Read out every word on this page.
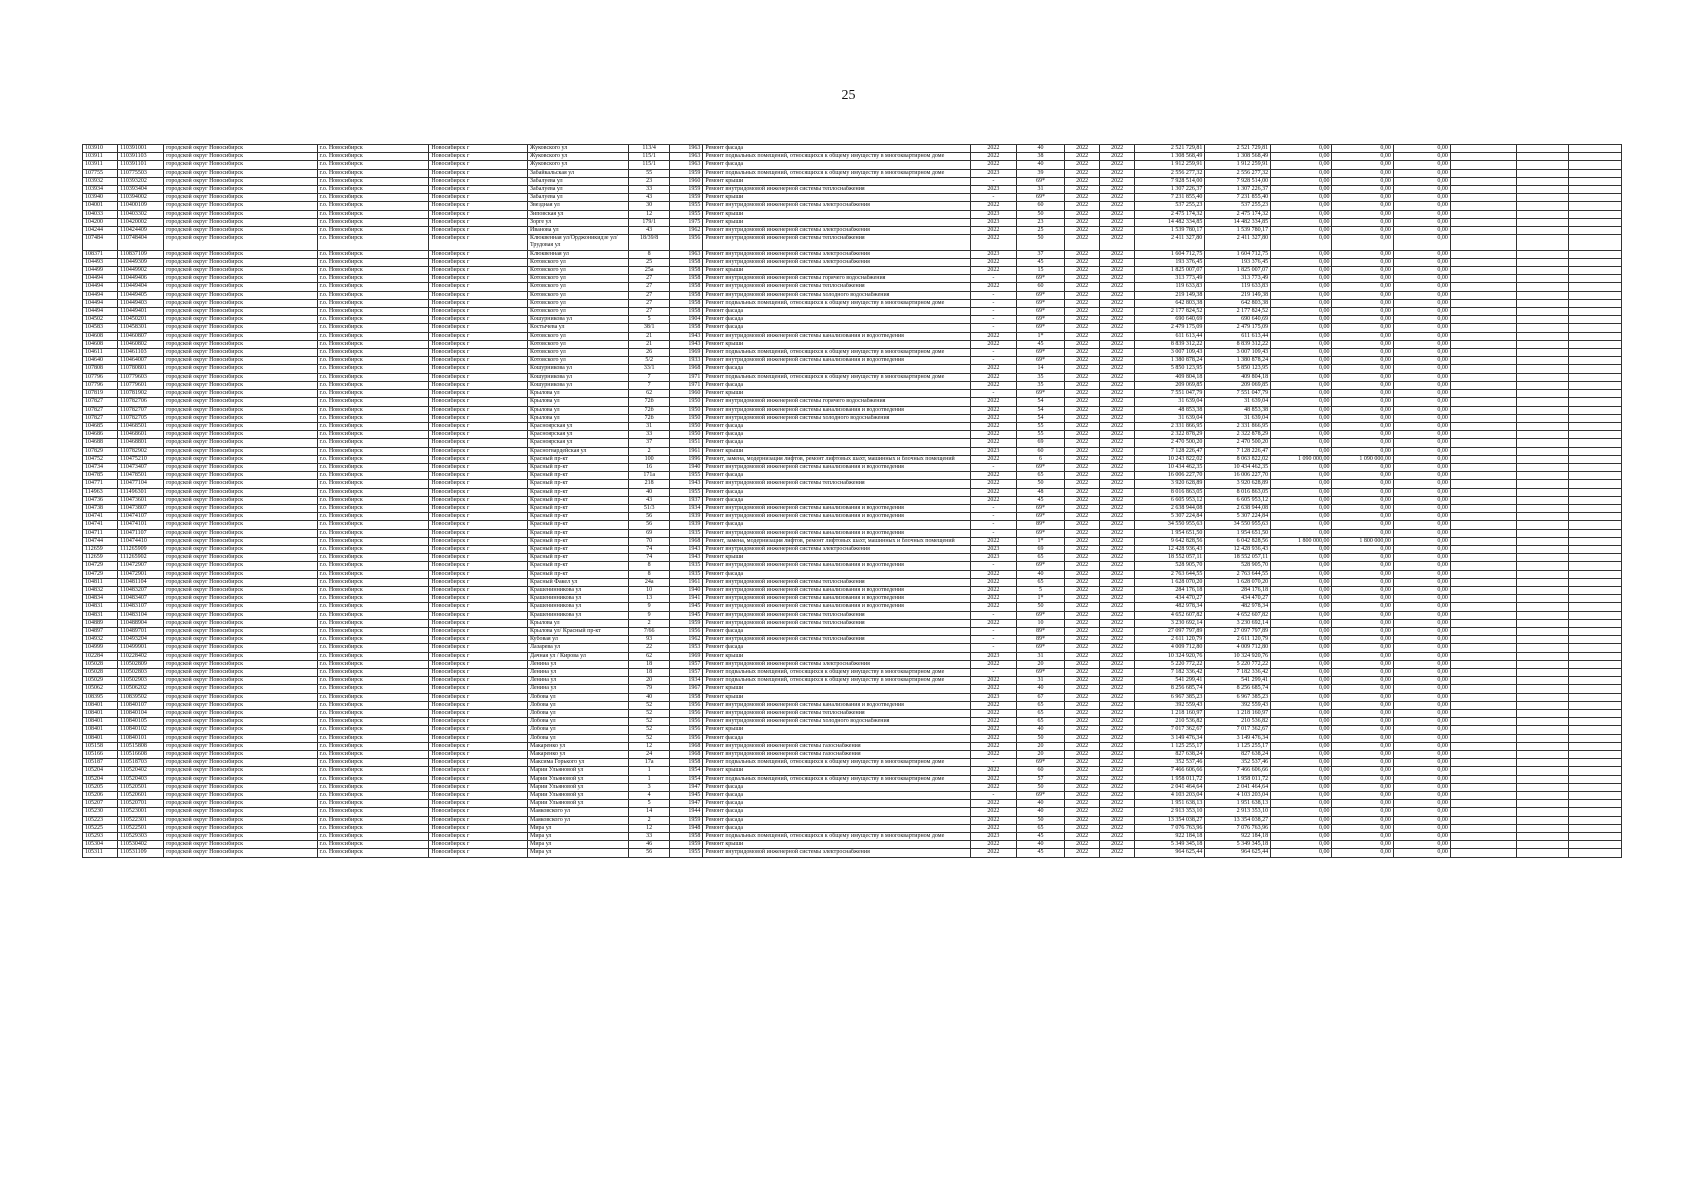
25
103910	110391001	городской округ Новосибирск	г.о. Новосибирск	Новосибирск г	Жуковского ул	113/4	1963	Ремонт фасада	2022	40	2022	2022	2 521 729,81	2 521 729,81	0,00	0,00	0,00			
103911	110391103	городской округ Новосибирск	г.о. Новосибирск	Новосибирск г	Жуковского ул	115/1	1963	Ремонт подвальных помещений, относящихся к общему имуществу в многоквартирном доме	2022	38	2022	2022	1 308 568,49	1 308 568,49	0,00	0,00	0,00			
103911	110391101	городской округ Новосибирск	г.о. Новосибирск	Новосибирск г	Жуковского ул	115/1	1963	Ремонт фасада	2022	40	2022	2022	1 912 259,91	1 912 259,91	0,00	0,00	0,00			
107755	110775503	городской округ Новосибирск	г.о. Новосибирск	Новосибирск г	Забайкальская ул	55	1959	Ремонт подвальных помещений, относящихся к общему имуществу в многоквартирном доме	2023	39	2022	2022	2 556 277,32	2 556 277,32	0,00	0,00	0,00			
103932	110393202	городской округ Новосибирск	г.о. Новосибирск	Новосибирск г	Забалуева ул	23	1960	Ремонт крыши	-	69*	2022	2022	7 928 514,00	7 928 514,00	0,00	0,00	0,00			
103934	110393404	городской округ Новосибирск	г.о. Новосибирск	Новосибирск г	Забалуева ул	33	1959	Ремонт внутридомовой инженерной системы теплоснабжения	2023	31	2022	2022	1 307 226,37	1 307 226,37	0,00	0,00	0,00			
103940	110394002	городской округ Новосибирск	г.о. Новосибирск	Новосибирск г	Забалуева ул	43	1959	Ремонт крыши	-	69*	2022	2022	7 231 855,40	7 231 855,40	0,00	0,00	0,00			
104001	110400109	городской округ Новосибирск	г.о. Новосибирск	Новосибирск г	Звездная ул	30	1955	Ремонт внутридомовой инженерной системы электроснабжения	2022	60	2022	2022	537 255,23	537 255,23	0,00	0,00	0,00			
104033	110403302	городской округ Новосибирск	г.о. Новосибирск	Новосибирск г	Зиповская ул	12	1955	Ремонт крыши	2023	50	2022	2022	2 475 174,32	2 475 174,32	0,00	0,00	0,00			
104200	110420002	городской округ Новосибирск	г.о. Новосибирск	Новосибирск г	Зорге ул	179/1	1975	Ремонт крыши	2023	23	2022	2022	14 482 334,85	14 482 334,85	0,00	0,00	0,00			
104244	110424409	городской округ Новосибирск	г.о. Новосибирск	Новосибирск г	Иванова ул	43	1962	Ремонт внутридомовой инженерной системы электроснабжения	2022	25	2022	2022	1 539 780,17	1 539 780,17	0,00	0,00	0,00			
107484	110748404	городской округ Новосибирск	г.о. Новосибирск	Новосибирск г	Клюквенная ул/Орджоникидзе ул/Трудовая ул	18/39/8	1956	Ремонт внутридомовой инженерной системы теплоснабжения	2022	50	2022	2022	2 411 327,80	2 411 327,80	0,00	0,00	0,00			
108371	110837109	городской округ Новосибирск	г.о. Новосибирск	Новосибирск г	Клюквенная ул	8	1963	Ремонт внутридомовой инженерной системы электроснабжения	2023	37	2022	2022	1 604 712,75	1 604 712,75	0,00	0,00	0,00			
104493	110449309	городской округ Новосибирск	г.о. Новосибирск	Новосибирск г	Котовского ул	25	1958	Ремонт внутридомовой инженерной системы электроснабжения	2022	45	2022	2022	193 376,45	193 376,45	0,00	0,00	0,00			
104499	110449902	городской округ Новосибирск	г.о. Новосибирск	Новосибирск г	Котовского ул	25а	1958	Ремонт крыши	2022	15	2022	2022	1 825 007,07	1 825 007,07	0,00	0,00	0,00			
104494	110449406	городской округ Новосибирск	г.о. Новосибирск	Новосибирск г	Котовского ул	27	1958	Ремонт внутридомовой инженерной системы горячего водоснабжения	-	69*	2022	2022	313 773,49	313 773,49	0,00	0,00	0,00			
104494	110449404	городской округ Новосибирск	г.о. Новосибирск	Новосибирск г	Котовского ул	27	1958	Ремонт внутридомовой инженерной системы теплоснабжения	2022	60	2022	2022	119 633,83	119 633,83	0,00	0,00	0,00			
104494	110449405	городской округ Новосибирск	г.о. Новосибирск	Новосибирск г	Котовского ул	27	1958	Ремонт внутридомовой инженерной системы холодного водоснабжения	-	69*	2022	2022	219 149,38	219 149,38	0,00	0,00	0,00			
104494	110449403	городской округ Новосибирск	г.о. Новосибирск	Новосибирск г	Котовского ул	27	1958	Ремонт подвальных помещений, относящихся к общему имуществу в многоквартирном доме	-	69*	2022	2022	642 803,38	642 803,38	0,00	0,00	0,00			
104494	110449401	городской округ Новосибирск	г.о. Новосибирск	Новосибирск г	Котовского ул	27	1958	Ремонт фасада	-	69*	2022	2022	2 177 824,52	2 177 824,52	0,00	0,00	0,00			
104502	110450201	городской округ Новосибирск	г.о. Новосибирск	Новосибирск г	Кошурникова ул	5	1904	Ремонт фасада	-	69*	2022	2022	690 640,69	690 640,69	0,00	0,00	0,00			
104583	110458301	городской округ Новосибирск	г.о. Новосибирск	Новосибирск г	Костычева ул	38/1	1958	Ремонт фасада	-	69*	2022	2022	2 479 175,09	2 479 175,09	0,00	0,00	0,00			
104608	110460807	городской округ Новосибирск	г.о. Новосибирск	Новосибирск г	Котовского ул	21	1943	Ремонт внутридомовой инженерной системы канализования и водоотведения	2022	1*	2022	2022	611 613,44	611 613,44	0,00	0,00	0,00			
104608	110460802	городской округ Новосибирск	г.о. Новосибирск	Новосибирск г	Котовского ул	21	1943	Ремонт крыши	2022	45	2022	2022	8 839 312,22	8 839 312,22	0,00	0,00	0,00			
104611	110461103	городской округ Новосибирск	г.о. Новосибирск	Новосибирск г	Котовского ул	26	1969	Ремонт подвальных помещений, относящихся к общему имуществу в многоквартирном доме	-	69*	2022	2022	3 007 109,43	3 007 109,43	0,00	0,00	0,00			
104640	110464007	городской округ Новосибирск	г.о. Новосибирск	Новосибирск г	Котовского ул	5/2	1933	Ремонт внутридомовой инженерной системы канализования и водоотведения	-	69*	2022	2022	1 380 878,24	1 380 878,24	0,00	0,00	0,00			
107808	110780801	городской округ Новосибирск	г.о. Новосибирск	Новосибирск г	Кошурникова ул	33/1	1968	Ремонт фасада	2022	14	2022	2022	5 850 123,95	5 850 123,95	0,00	0,00	0,00			
107796	110779603	городской округ Новосибирск	г.о. Новосибирск	Новосибирск г	Кошурникова ул	7	1971	Ремонт подвальных помещений, относящихся к общему имуществу в многоквартирном доме	2022	35	2022	2022	409 804,18	409 804,18	0,00	0,00	0,00			
107796	110779601	городской округ Новосибирск	г.о. Новосибирск	Новосибирск г	Кошурникова ул	7	1971	Ремонт фасада	2022	35	2022	2022	209 069,85	209 069,85	0,00	0,00	0,00			
107819	110781902	городской округ Новосибирск	г.о. Новосибирск	Новосибирск г	Крылова ул	62	1960	Ремонт крыши	-	69*	2022	2022	7 551 047,79	7 551 047,79	0,00	0,00	0,00			
107827	110782706	городской округ Новосибирск	г.о. Новосибирск	Новосибирск г	Крылова ул	72б	1950	Ремонт внутридомовой инженерной системы горячего водоснабжения	2022	54	2022	2022	31 639,04	31 639,04	0,00	0,00	0,00			
107827	110782707	городской округ Новосибирск	г.о. Новосибирск	Новосибирск г	Крылова ул	72б	1950	Ремонт внутридомовой инженерной системы канализования и водоотведения	2022	54	2022	2022	48 853,38	48 853,38	0,00	0,00	0,00			
107827	110782705	городской округ Новосибирск	г.о. Новосибирск	Новосибирск г	Крылова ул	72б	1950	Ремонт внутридомовой инженерной системы холодного водоснабжения	2022	54	2022	2022	31 639,04	31 639,04	0,00	0,00	0,00			
104685	110468501	городской округ Новосибирск	г.о. Новосибирск	Новосибирск г	Красноярская ул	31	1950	Ремонт фасада	2022	55	2022	2022	2 331 866,95	2 331 866,95	0,00	0,00	0,00			
104686	110468601	городской округ Новосибирск	г.о. Новосибирск	Новосибирск г	Красноярская ул	33	1950	Ремонт фасада	2022	55	2022	2022	2 322 878,29	2 322 878,29	0,00	0,00	0,00			
104688	110468801	городской округ Новосибирск	г.о. Новосибирск	Новосибирск г	Красноярская ул	37	1951	Ремонт фасада	2022	69	2022	2022	2 470 500,20	2 470 500,20	0,00	0,00	0,00			
107829	110782902	городской округ Новосибирск	г.о. Новосибирск	Новосибирск г	Красногвардейская ул	2	1961	Ремонт крыши	2023	60	2022	2022	7 128 226,47	7 128 226,47	0,00	0,00	0,00			
104752	110475210	городской округ Новосибирск	г.о. Новосибирск	Новосибирск г	Красный пр-кт	100	1996	Ремонт, замена, модернизация лифтов, ремонт лифтовых шахт, машинных и блочных помещений	2022	6	2022	2022	10 243 822,02	8 063 822,02	1 090 000,00	1 090 000,00	0,00			
104734	110473407	городской округ Новосибирск	г.о. Новосибирск	Новосибирск г	Красный пр-кт	16	1940	Ремонт внутридомовой инженерной системы канализования и водоотведения	-	69*	2022	2022	10 434 462,35	10 434 462,35	0,00	0,00	0,00			
104785	110478501	городской округ Новосибирск	г.о. Новосибирск	Новосибирск г	Красный пр-кт	171а	1955	Ремонт фасада	2022	65	2022	2022	16 006 227,70	16 006 227,70	0,00	0,00	0,00			
104771	110477104	городской округ Новосибирск	г.о. Новосибирск	Новосибирск г	Красный пр-кт	218	1943	Ремонт внутридомовой инженерной системы теплоснабжения	2022	50	2022	2022	3 920 628,89	3 920 628,89	0,00	0,00	0,00			
114963	111496301	городской округ Новосибирск	г.о. Новосибирск	Новосибирск г	Красный пр-кт	40	1955	Ремонт фасада	2022	48	2022	2022	8 016 863,05	8 016 863,05	0,00	0,00	0,00			
104736	110473601	городской округ Новосибирск	г.о. Новосибирск	Новосибирск г	Красный пр-кт	43	1937	Ремонт фасада	2022	45	2022	2022	6 605 953,12	6 605 953,12	0,00	0,00	0,00			
104738	110473807	городской округ Новосибирск	г.о. Новосибирск	Новосибирск г	Красный пр-кт	51/3	1934	Ремонт внутридомовой инженерной системы канализования и водоотведения	-	69*	2022	2022	2 638 944,08	2 638 944,08	0,00	0,00	0,00			
104741	110474107	городской округ Новосибирск	г.о. Новосибирск	Новосибирск г	Красный пр-кт	56	1939	Ремонт внутридомовой инженерной системы канализования и водоотведения	-	69*	2022	2022	5 307 224,84	5 307 224,84	0,00	0,00	0,00			
104741	110474101	городской округ Новосибирск	г.о. Новосибирск	Новосибирск г	Красный пр-кт	56	1939	Ремонт фасада	-	89*	2022	2022	34 550 955,63	34 550 955,63	0,00	0,00	0,00			
104711	110471107	городской округ Новосибирск	г.о. Новосибирск	Новосибирск г	Красный пр-кт	69	1935	Ремонт внутридомовой инженерной системы канализования и водоотведения	-	69*	2022	2022	1 954 651,50	1 954 651,50	0,00	0,00	0,00			
104744	110474410	городской округ Новосибирск	г.о. Новосибирск	Новосибирск г	Красный пр-кт	70	1968	Ремонт, замена, модернизация лифтов, ремонт лифтовых шахт, машинных и блочных помещений	2022	1*	2022	2022	9 642 828,56	6 042 828,56	1 800 000,00	1 800 000,00	0,00			
112659	111265909	городской округ Новосибирск	г.о. Новосибирск	Новосибирск г	Красный пр-кт	74	1943	Ремонт внутридомовой инженерной системы электроснабжения	2023	69	2022	2022	12 428 936,43	12 428 936,43	0,00	0,00	0,00			
112659	111265902	городской округ Новосибирск	г.о. Новосибирск	Новосибирск г	Красный пр-кт	74	1943	Ремонт крыши	2023	65	2022	2022	18 552 057,11	18 552 057,11	0,00	0,00	0,00			
104729	110472907	городской округ Новосибирск	г.о. Новосибирск	Новосибирск г	Красный пр-кт	8	1935	Ремонт внутридомовой инженерной системы канализования и водоотведения	-	69*	2022	2022	528 905,70	528 905,70	0,00	0,00	0,00			
104729	110472901	городской округ Новосибирск	г.о. Новосибирск	Новосибирск г	Красный пр-кт	8	1935	Ремонт фасада	2022	40	2022	2022	2 763 644,55	2 763 644,55	0,00	0,00	0,00			
104811	110481104	городской округ Новосибирск	г.о. Новосибирск	Новосибирск г	Красный Факел ул	24а	1961	Ремонт внутридомовой инженерной системы теплоснабжения	2022	65	2022	2022	1 628 070,20	1 628 070,20	0,00	0,00	0,00			
104832	110483207	городской округ Новосибирск	г.о. Новосибирск	Новосибирск г	Крашенинникова ул	10	1940	Ремонт внутридомовой инженерной системы канализования и водоотведения	2022	5	2022	2022	284 176,18	284 176,18	0,00	0,00	0,00			
104834	110483407	городской округ Новосибирск	г.о. Новосибирск	Новосибирск г	Крашенинникова ул	13	1941	Ремонт внутридомовой инженерной системы канализования и водоотведения	2022	1*	2022	2022	434 470,27	434 470,27	0,00	0,00	0,00			
104831	110483107	городской округ Новосибирск	г.о. Новосибирск	Новосибирск г	Крашенинникова ул	9	1945	Ремонт внутридомовой инженерной системы канализования и водоотведения	2022	50	2022	2022	482 978,34	482 978,34	0,00	0,00	0,00			
104831	110483104	городской округ Новосибирск	г.о. Новосибирск	Новосибирск г	Крашенинникова ул	9	1945	Ремонт внутридомовой инженерной системы теплоснабжения	-	69*	2022	2022	4 652 607,82	4 652 607,82	0,00	0,00	0,00			
104889	110488904	городской округ Новосибирск	г.о. Новосибирск	Новосибирск г	Крылова ул	2	1959	Ремонт внутридомовой инженерной системы теплоснабжения	2022	10	2022	2022	3 230 692,14	3 230 692,14	0,00	0,00	0,00			
104897	110489701	городской округ Новосибирск	г.о. Новосибирск	Новосибирск г	Крылова ул/ Красный пр-кт	7/66	1956	Ремонт фасада	-	89*	2022	2022	27 097 797,89	27 097 797,89	0,00	0,00	0,00			
104932	110493204	городской округ Новосибирск	г.о. Новосибирск	Новосибирск г	Кубовая ул	93	1962	Ремонт внутридомовой инженерной системы теплоснабжения	-	89*	2022	2022	2 611 120,79	2 611 120,79	0,00	0,00	0,00			
104999	110499901	городской округ Новосибирск	г.о. Новосибирск	Новосибирск г	Лазарева ул	22	1953	Ремонт фасада	-	69*	2022	2022	4 009 712,80	4 009 712,80	0,00	0,00	0,00			
102284	110228402	городской округ Новосибирск	г.о. Новосибирск	Новосибирск г	Дачная ул / Кирова ул	62	1969	Ремонт крыши	2023	31	2022	2022	10 324 920,76	10 324 920,76	0,00	0,00	0,00			
105028	110502809	городской округ Новосибирск	г.о. Новосибирск	Новосибирск г	Ленина ул	18	1957	Ремонт внутридомовой инженерной системы электроснабжения	2022	20	2022	2022	5 220 772,22	5 220 772,22	0,00	0,00	0,00			
105028	110502803	городской округ Новосибирск	г.о. Новосибирск	Новосибирск г	Ленина ул	18	1957	Ремонт подвальных помещений, относящихся к общему имуществу в многоквартирном доме	-	69*	2022	2022	7 182 336,42	7 182 336,42	0,00	0,00	0,00			
105029	110502903	городской округ Новосибирск	г.о. Новосибирск	Новосибирск г	Ленина ул	20	1934	Ремонт подвальных помещений, относящихся к общему имуществу в многоквартирном доме	2022	31	2022	2022	541 299,41	541 299,41	0,00	0,00	0,00			
105062	110506202	городской округ Новосибирск	г.о. Новосибирск	Новосибирск г	Ленина ул	79	1967	Ремонт крыши	2022	40	2022	2022	8 256 685,74	8 256 685,74	0,00	0,00	0,00			
108395	110839502	городской округ Новосибирск	г.о. Новосибирск	Новосибирск г	Лобова ул	40	1958	Ремонт крыши	2023	67	2022	2022	6 967 385,23	6 967 385,23	0,00	0,00	0,00			
108401	110840107	городской округ Новосибирск	г.о. Новосибирск	Новосибирск г	Лобова ул	52	1956	Ремонт внутридомовой инженерной системы канализования и водоотведения	2022	65	2022	2022	392 559,43	392 559,43	0,00	0,00	0,00			
108401	110840104	городской округ Новосибирск	г.о. Новосибирск	Новосибирск г	Лобова ул	52	1956	Ремонт внутридомовой инженерной системы теплоснабжения	2022	65	2022	2022	1 218 160,97	1 218 160,97	0,00	0,00	0,00			
108401	110840105	городской округ Новосибирск	г.о. Новосибирск	Новосибирск г	Лобова ул	52	1956	Ремонт внутридомовой инженерной системы холодного водоснабжения	2022	65	2022	2022	210 536,82	210 536,82	0,00	0,00	0,00			
108401	110840102	городской округ Новосибирск	г.о. Новосибирск	Новосибирск г	Лобова ул	52	1956	Ремонт крыши	2022	40	2022	2022	7 017 362,67	7 017 362,67	0,00	0,00	0,00			
108401	110840101	городской округ Новосибирск	г.о. Новосибирск	Новосибирск г	Лобова ул	52	1956	Ремонт фасада	2022	50	2022	2022	3 149 476,34	3 149 476,34	0,00	0,00	0,00			
105158	110515808	городской округ Новосибирск	г.о. Новосибирск	Новосибирск г	Макаренко ул	12	1968	Ремонт внутридомовой инженерной системы газоснабжения	2022	20	2022	2022	1 125 255,17	1 125 255,17	0,00	0,00	0,00			
105166	110516608	городской округ Новосибирск	г.о. Новосибирск	Новосибирск г	Макаренко ул	24	1968	Ремонт внутридомовой инженерной системы газоснабжения	2022	20	2022	2022	827 638,24	827 638,24	0,00	0,00	0,00			
105187	110518703	городской округ Новосибирск	г.о. Новосибирск	Новосибирск г	Максима Горького ул	17а	1958	Ремонт подвальных помещений, относящихся к общему имуществу в многоквартирном доме	-	69*	2022	2022	352 537,46	352 537,46	0,00	0,00	0,00			
105204	110520402	городской округ Новосибирск	г.о. Новосибирск	Новосибирск г	Марии Ульяновой ул	1	1954	Ремонт крыши	2022	60	2022	2022	7 466 606,66	7 466 606,66	0,00	0,00	0,00			
105204	110520403	городской округ Новосибирск	г.о. Новосибирск	Новосибирск г	Марии Ульяновой ул	1	1954	Ремонт подвальных помещений, относящихся к общему имуществу в многоквартирном доме	2022	57	2022	2022	1 958 011,72	1 958 011,72	0,00	0,00	0,00			
105205	110520501	городской округ Новосибирск	г.о. Новосибирск	Новосибирск г	Марии Ульяновой ул	3	1947	Ремонт фасада	2022	50	2022	2022	2 041 464,64	2 041 464,64	0,00	0,00	0,00			
105206	110520601	городской округ Новосибирск	г.о. Новосибирск	Новосибирск г	Марии Ульяновой ул	4	1945	Ремонт фасада	-	69*	2022	2022	4 103 203,04	4 103 203,04	0,00	0,00	0,00			
105207	110520701	городской округ Новосибирск	г.о. Новосибирск	Новосибирск г	Марии Ульяновой ул	5	1947	Ремонт фасада	2022	40	2022	2022	1 951 638,13	1 951 638,13	0,00	0,00	0,00			
105230	110523001	городской округ Новосибирск	г.о. Новосибирск	Новосибирск г	Маяковского ул	14	1944	Ремонт фасада	2022	40	2022	2022	2 913 353,10	2 913 353,10	0,00	0,00	0,00			
105223	110522301	городской округ Новосибирск	г.о. Новосибирск	Новосибирск г	Маяковского ул	2	1959	Ремонт фасада	2022	50	2022	2022	13 354 038,27	13 354 038,27	0,00	0,00	0,00			
105225	110522501	городской округ Новосибирск	г.о. Новосибирск	Новосибирск г	Мира ул	12	1948	Ремонт фасада	2022	65	2022	2022	7 076 763,96	7 076 763,96	0,00	0,00	0,00			
105293	110529303	городской округ Новосибирск	г.о. Новосибирск	Новосибирск г	Мира ул	33	1958	Ремонт подвальных помещений, относящихся к общему имуществу в многоквартирном доме	2023	45	2022	2022	922 184,18	922 184,18	0,00	0,00	0,00			
105304	110530402	городской округ Новосибирск	г.о. Новосибирск	Новосибирск г	Мира ул	46	1959	Ремонт крыши	2022	40	2022	2022	5 349 345,18	5 349 345,18	0,00	0,00	0,00			
105311	110531109	городской округ Новосибирск	г.о. Новосибирск	Новосибирск г	Мира ул	56	1955	Ремонт внутридомовой инженерной системы электроснабжения	2022	45	2022	2022	964 625,44	964 625,44	0,00	0,00	0,00			
